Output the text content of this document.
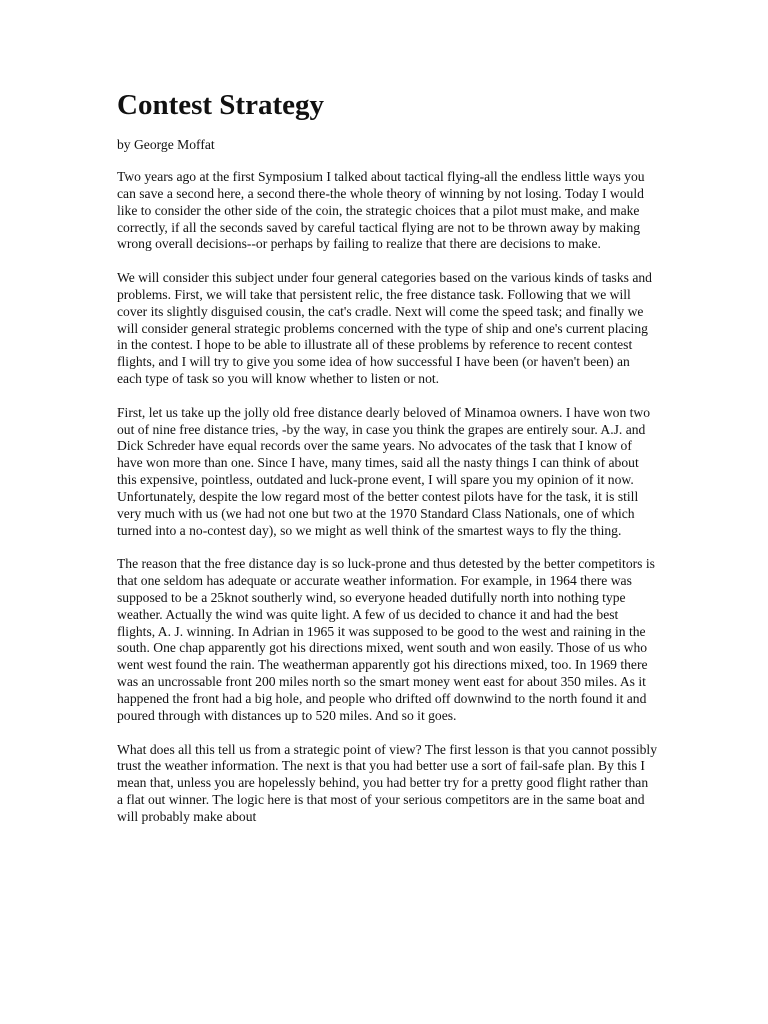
Contest Strategy

by George Moffat

Two years ago at the first Symposium I talked about tactical flying-all the endless little ways you can save a second here, a second there-the whole theory of winning by not losing. Today I would like to consider the other side of the coin, the strategic choices that a pilot must make, and make correctly, if all the seconds saved by careful tactical flying are not to be thrown away by making wrong overall decisions--or perhaps by failing to realize that there are decisions to make.

We will consider this subject under four general categories based on the various kinds of tasks and problems. First, we will take that persistent relic, the free distance task. Following that we will cover its slightly disguised cousin, the cat's cradle. Next will come the speed task; and finally we will consider general strategic problems concerned with the type of ship and one's current placing in the contest. I hope to be able to illustrate all of these problems by reference to recent contest flights, and I will try to give you some idea of how successful I have been (or haven't been) an each type of task so you will know whether to listen or not.

First, let us take up the jolly old free distance dearly beloved of Minamoa owners. I have won two out of nine free distance tries, -by the way, in case you think the grapes are entirely sour. A.J. and Dick Schreder have equal records over the same years. No advocates of the task that I know of have won more than one. Since I have, many times, said all the nasty things I can think of about this expensive, pointless, outdated and luck-prone event, I will spare you my opinion of it now. Unfortunately, despite the low regard most of the better contest pilots have for the task, it is still very much with us (we had not one but two at the 1970 Standard Class Nationals, one of which turned into a no-contest day), so we might as well think of the smartest ways to fly the thing.

The reason that the free distance day is so luck-prone and thus detested by the better competitors is that one seldom has adequate or accurate weather information. For example, in 1964 there was supposed to be a 25knot southerly wind, so everyone headed dutifully north into nothing type weather. Actually the wind was quite light. A few of us decided to chance it and had the best flights, A. J. winning. In Adrian in 1965 it was supposed to be good to the west and raining in the south. One chap apparently got his directions mixed, went south and won easily. Those of us who went west found the rain. The weatherman apparently got his directions mixed, too. In 1969 there was an uncrossable front 200 miles north so the smart money went east for about 350 miles. As it happened the front had a big hole, and people who drifted off downwind to the north found it and poured through with distances up to 520 miles. And so it goes.

What does all this tell us from a strategic point of view? The first lesson is that you cannot possibly trust the weather information. The next is that you had better use a sort of fail-safe plan. By this I mean that, unless you are hopelessly behind, you had better try for a pretty good flight rather than a flat out winner. The logic here is that most of your serious competitors are in the same boat and will probably make about
